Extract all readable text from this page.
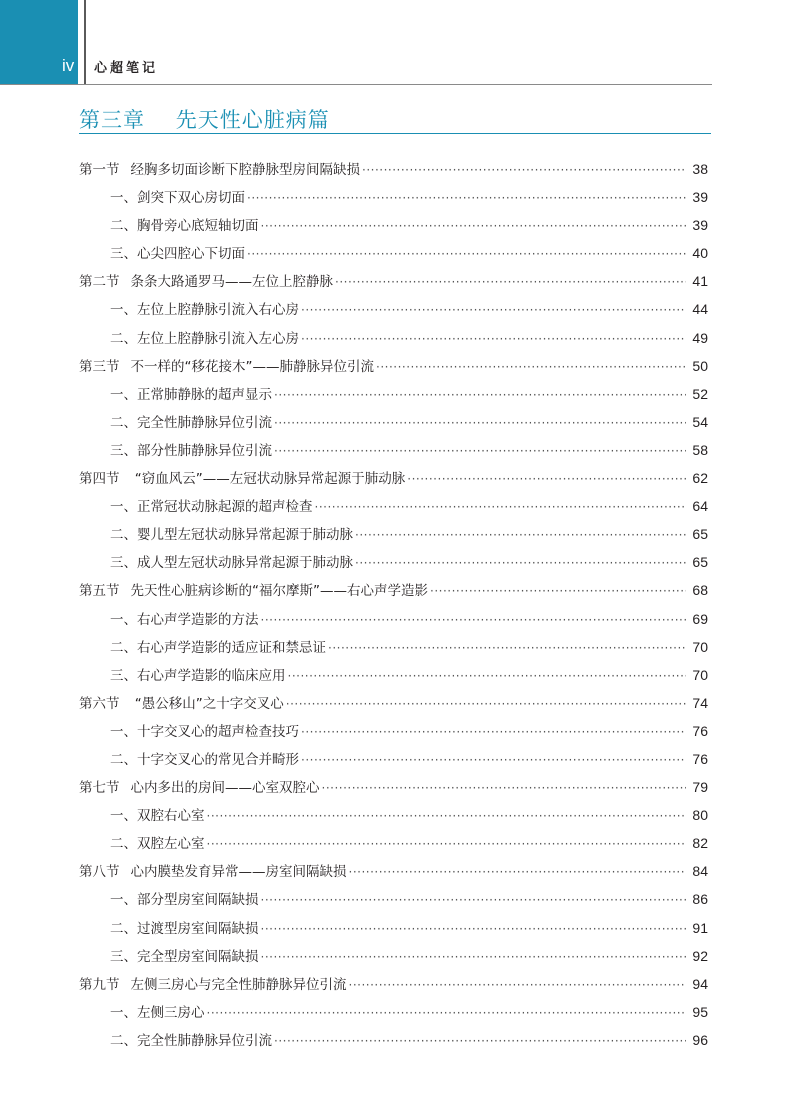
iv 心超笔记
第三章    先天性心脏病篇
第一节 经胸多切面诊断下腔静脉型房间隔缺损 ·····	38
一、剑突下双心房切面 ·····	39
二、胸骨旁心底短轴切面 ·····	39
三、心尖四腔心下切面 ·····	40
第二节 条条大路通罗马——左位上腔静脉 ·····	41
一、左位上腔静脉引流入右心房 ·····	44
二、左位上腔静脉引流入左心房 ·····	49
第三节 不一样的“移花接木”——肺静脉异位引流 ·····	50
一、正常肺静脉的超声显示 ·····	52
二、完全性肺静脉异位引流 ·····	54
三、部分性肺静脉异位引流 ·····	58
第四节 “窃血风云”——左冠状动脉异常起源于肺动脉 ·····	62
一、正常冠状动脉起源的超声检查 ·····	64
二、婴儿型左冠状动脉异常起源于肺动脉 ·····	65
三、成人型左冠状动脉异常起源于肺动脉 ·····	65
第五节 先天性心脏病诊断的“福尔摩斯”——右心声学造影 ·····	68
一、右心声学造影的方法 ·····	69
二、右心声学造影的适应证和禁忌证 ·····	70
三、右心声学造影的临床应用 ·····	70
第六节 “愚公移山”之十字交叉心 ·····	74
一、十字交叉心的超声检查技巧 ·····	76
二、十字交叉心的常见合并畸形 ·····	76
第七节 心内多出的房间——心室双腔心 ·····	79
一、双腔右心室 ·····	80
二、双腔左心室 ·····	82
第八节 心内膜垫发育异常——房室间隔缺损 ·····	84
一、部分型房室间隔缺损 ·····	86
二、过渡型房室间隔缺损 ·····	91
三、完全型房室间隔缺损 ·····	92
第九节 左侧三房心与完全性肺静脉异位引流 ·····	94
一、左侧三房心 ·····	95
二、完全性肺静脉异位引流 ·····	96
